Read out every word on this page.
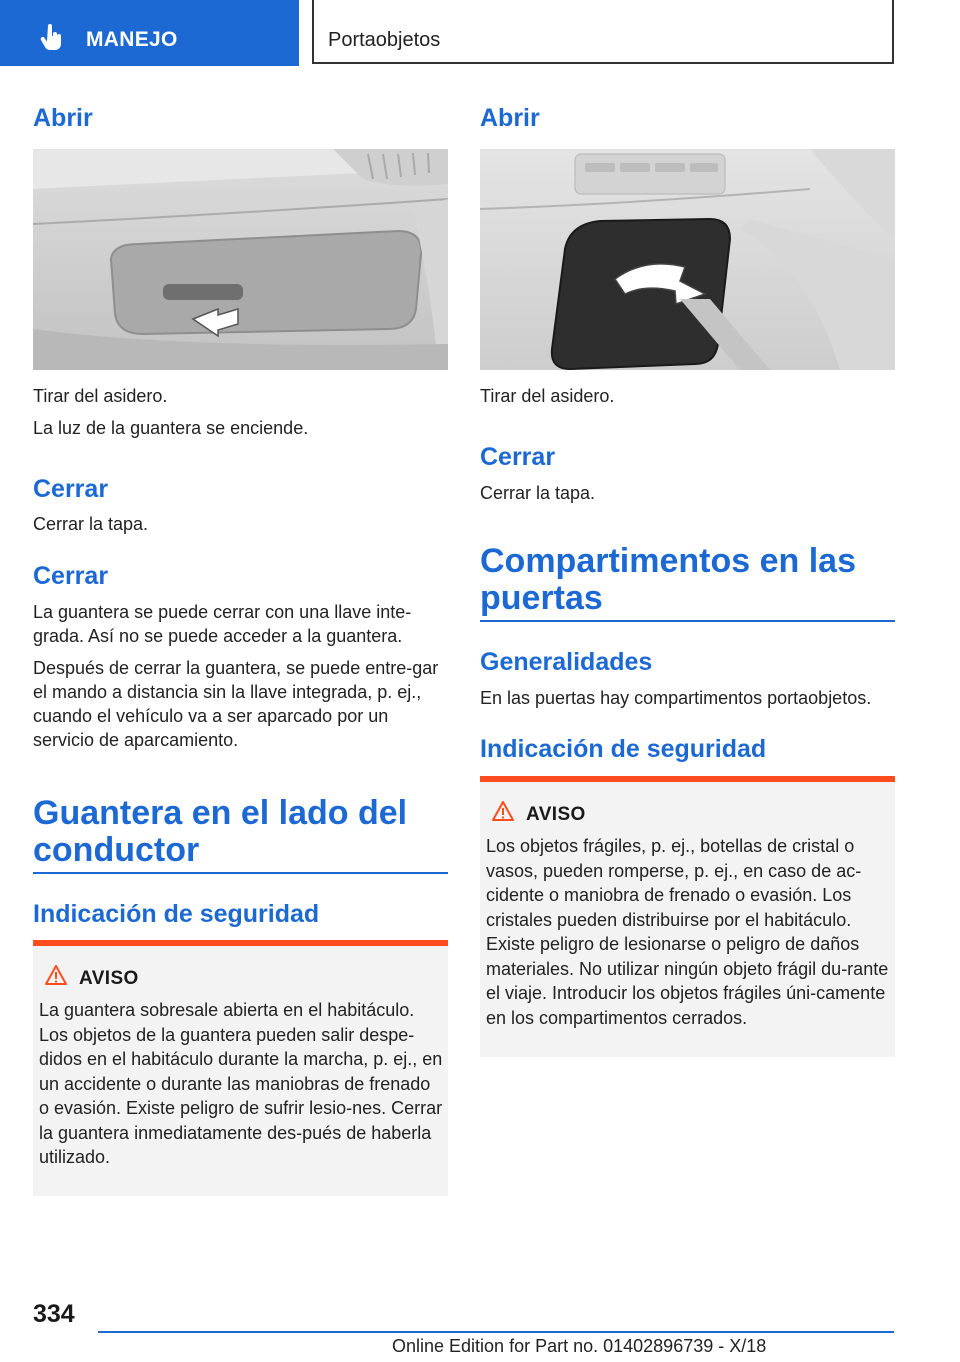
MANEJO	Portaobjetos
Abrir

Tirar del asidero.

La luz de la guantera se enciende.

Cerrar

Cerrar la tapa.

Cerrar

La guantera se puede cerrar con una llave inte-grada. Así no se puede acceder a la guantera.

Después de cerrar la guantera, se puede entre-gar el mando a distancia sin la llave integrada, p. ej., cuando el vehículo va a ser aparcado por un servicio de aparcamiento.

Guantera en el lado del conductor
Indicación de seguridad
AVISO
La guantera sobresale abierta en el habitáculo. Los objetos de la guantera pueden salir despe-didos en el habitáculo durante la marcha, p. ej., en un accidente o durante las maniobras de frenado o evasión. Existe peligro de sufrir lesio-nes. Cerrar la guantera inmediatamente des-pués de haberla utilizado.
Abrir

Tirar del asidero.

Cerrar

Cerrar la tapa.

Compartimentos en las puertas
Generalidades

En las puertas hay compartimentos portaobjetos.

Indicación de seguridad
AVISO
Los objetos frágiles, p. ej., botellas de cristal o vasos, pueden romperse, p. ej., en caso de ac-cidente o maniobra de frenado o evasión. Los cristales pueden distribuirse por el habitáculo. Existe peligro de lesionarse o peligro de daños materiales. No utilizar ningún objeto frágil du-rante el viaje. Introducir los objetos frágiles úni-camente en los compartimentos cerrados.
334
Online Edition for Part no. 01402896739 - X/18
